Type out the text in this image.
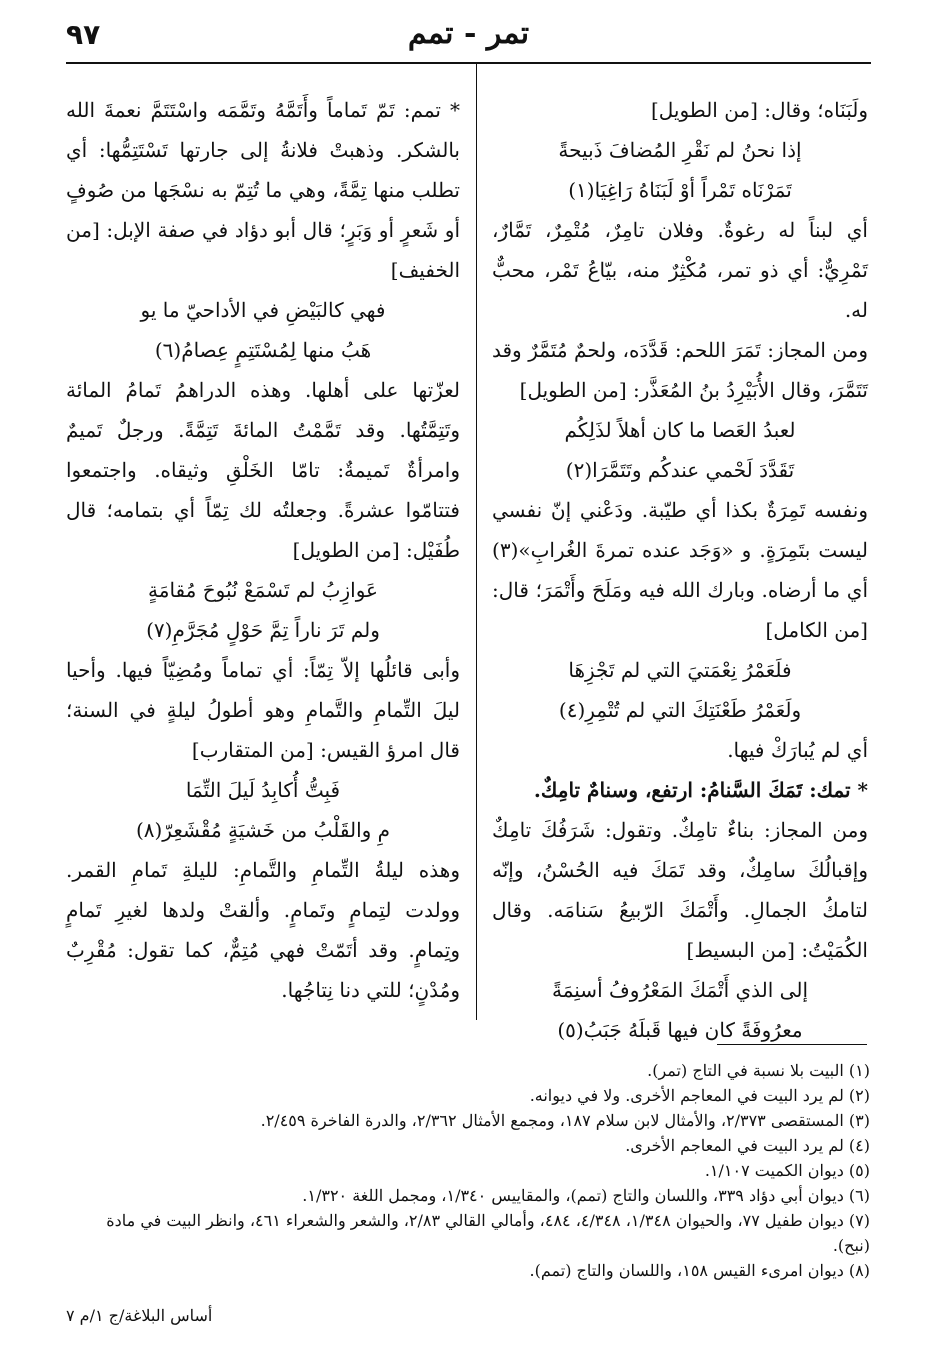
٩٧	تمر - تمم

ولَبَنَاه؛ وقال: [من الطويل]

إذا نحنُ لم نَقْرِ المُضافَ ذَبيحةً
تَمَرْنَاه تَمْراً أوْ لَبَنَاهُ رَاغِيَا(١)

أي لبناً له رغوةٌ. وفلان تامِرٌ، مُتْمِرٌ، تَمَّارٌ، تَمْرِيٌّ: أي ذو تمر، مُكْثِرٌ منه، بيّاعُ تَمْر، محبٌّ له.

ومن المجاز: تَمَرَ اللحم: قَدَّدَه، ولحمٌ مُتَمَّرٌ وقد تَتَمَّرَ، وقال الأُبَيْرِدُ بنُ المُعَذَّر: [من الطويل]

لعبدُ العَصا ما كان أهلاً لذَلِكُم
تَقَدَّدَ لَحْمي عندكُم وتَتَمَّرَا(٢)

ونفسه تَمِرَةٌ بكذا أي طيّبة. ودَعْني إنّ نفسي ليست بتَمِرَةٍ. و «وَجَد عنده تمرةَ الغُرابِ»(٣) أي ما أرضاه. وبارك الله فيه ومَلَحَ وأَتْمَرَ؛ قال: [من الكامل]

فلَعَمْرُ نِعْمَتيَ التي لم تَجْزِهَا
ولَعَمْرُ طَعْنَتِكَ التي لم تُتْمِرِ(٤)

أي لم يُبارَكْ فيها.

* تمك: تَمَكَ السَّنامُ: ارتفع، وسنامٌ تامِكٌ.

ومن المجاز: بناءٌ تامِكٌ. وتقول: شَرَفُكَ تامِكٌ وإقبالُكَ سامِكٌ، وقد تَمَكَ فيه الحُسْنُ، وإنّه لتامكُ الجمالِ. وأَتْمَكَ الرّبيعُ سَنامَه. وقال الكُمَيْتُ: [من البسيط]

إلى الذي أَتْمَكَ المَعْرُوفُ أسنِمَةً
معرُوفَةً كان فيها قَبلَهُ جَبَبُ(٥)

* تمم: تَمّ تَماماً وأَتَمَّهُ وتَمَّمَه واسْتَتَمَّ نعمةَ الله بالشكر. وذهبتْ فلانةُ إلى جارتها تَسْتَتِمُّها: أي تطلب منها تِمَّةً، وهي ما تُتِمّ به نسْجَها من صُوفٍ أو شَعرٍ أو وَبَرٍ؛ قال أبو دؤاد في صفة الإبل: [من الخفيف]

فهي كالبَيْضِ في الأداحيّ ما يو
هَبُ منها لِمُسْتَتِمٍ عِصامُ(٦)

لعزّتها على أهلها. وهذه الدراهمُ تَمامُ المائة وتَتِمَّتُها. وقد تَمَّمْتُ المائةَ تَتِمَّةً. ورجلٌ تَميمٌ وامرأةٌ تَميمةٌ: تامّا الخَلْقِ وثيقاه. واجتمعوا فتتامّوا عشرةً. وجعلتُه لك تِمّاً أي بتمامه؛ قال طُفَيْل: [من الطويل]

عَوازِبُ لم تَسْمَعْ نُبُوحَ مُقامَةٍ
ولم تَرَ ناراً تِمَّ حَوْلٍ مُجَرَّمِ(٧)

وأبى قائلُها إلاّ تِمّاً: أي تماماً ومُضِيّاً فيها. وأحيا ليلَ التِّمامِ والتَّمامِ وهو أطولُ ليلةٍ في السنة؛ قال امرؤ القيس: [من المتقارب]

فَبِتُّ أُكابِدُ لَيلَ التِّمَا
مِ والقَلْبُ من خَشيَةٍ مُقْشَعِرّ(٨)

وهذه ليلةُ التِّمامِ والتَّمامِ: لليلةِ تَمامِ القمر. وولدت لتِمامٍ وتَمامٍ. وألقتْ ولدها لغيرِ تَمامٍ وتِمامٍ. وقد أتَمّتْ فهي مُتِمٌّ، كما تقول: مُقْرِبٌ ومُدْنٍ؛ للتي دنا نِتاجُها.

(١) البيت بلا نسبة في التاج (تمر).
(٢) لم يرد البيت في المعاجم الأخرى. ولا في ديوانه.
(٣) المستقصى ٢/٣٧٣، والأمثال لابن سلام ١٨٧، ومجمع الأمثال ٢/٣٦٢، والدرة الفاخرة ٢/٤٥٩.
(٤) لم يرد البيت في المعاجم الأخرى.
(٥) ديوان الكميت ١/١٠٧.
(٦) ديوان أبي دؤاد ٣٣٩، واللسان والتاج (تمم)، والمقاييس ١/٣٤٠، ومجمل اللغة ١/٣٢٠.
(٧) ديوان طفيل ٧٧، والحيوان ١/٣٤٨، ٤/٣٤٨، ٤٨٤، وأمالي القالي ٢/٨٣، والشعر والشعراء ٤٦١، وانظر البيت في مادة (نبح).
(٨) ديوان امرىء القيس ١٥٨، واللسان والتاج (تمم).
أساس البلاغة/ج ١/م ٧
